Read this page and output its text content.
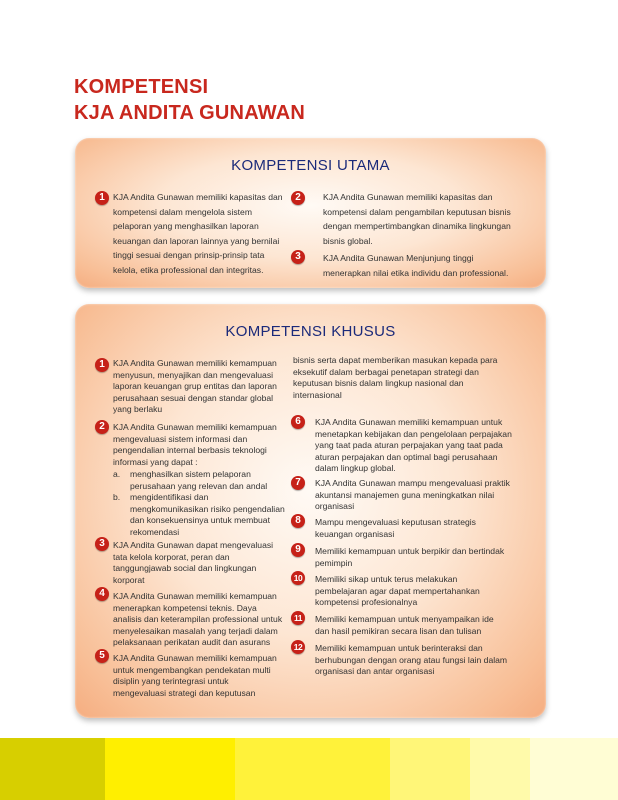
KOMPETENSI
KJA ANDITA GUNAWAN
KOMPETENSI UTAMA
1 KJA Andita Gunawan memiliki kapasitas dan
kompetensi dalam mengelola sistem
pelaporan yang menghasilkan laporan
keuangan dan laporan lainnya yang bernilai
tinggi sesuai dengan prinsip-prinsip tata
kelola, etika professional dan integritas.
2	KJA Andita Gunawan memiliki kapasitas dan
kompetensi dalam pengambilan keputusan bisnis
dengan mempertimbangkan dinamika lingkungan
bisnis global.
3	KJA Andita Gunawan Menjunjung tinggi
menerapkan nilai etika individu dan professional.
KOMPETENSI KHUSUS
1 KJA Andita Gunawan memiliki kemampuan
menyusun, menyajikan dan mengevaluasi
laporan keuangan grup entitas dan laporan
perusahaan sesuai dengan standar global
yang berlaku
2 KJA Andita Gunawan memiliki kemampuan
mengevaluasi sistem informasi dan
pengendalian internal berbasis teknologi
informasi yang dapat :
a. menghasilkan sistem pelaporan
perusahaan yang relevan dan andal
b. mengidentifikasi dan
mengkomunikasikan risiko pengendalian
dan konsekuensinya untuk membuat
rekomendasi
3 KJA Andita Gunawan dapat mengevaluasi
tata kelola korporat, peran dan
tanggungjawab social dan lingkungan
korporat
4 KJA Andita Gunawan memiliki kemampuan
menerapkan kompetensi teknis. Daya
analisis dan keterampilan professional untuk
menyelesaikan masalah yang terjadi dalam
pelaksanaan perikatan audit dan asurans
5 KJA Andita Gunawan memiliki kemampuan
untuk mengembangkan pendekatan multi
disiplin yang terintegrasi untuk
mengevaluasi strategi dan keputusan
bisnis serta dapat memberikan masukan kepada para
eksekutif dalam berbagai penetapan strategi dan
keputusan bisnis dalam lingkup nasional dan
internasional
6	KJA Andita Gunawan memiliki kemampuan untuk
menetapkan kebijakan dan pengelolaan perpajakan
yang taat pada aturan perpajakan yang taat pada
aturan perpajakan dan optimal bagi perusahaan
dalam lingkup global.
7	KJA Andita Gunawan mampu mengevaluasi praktik
akuntansi manajemen guna meningkatkan nilai
organisasi
8	Mampu mengevaluasi keputusan strategis
keuangan organisasi
9	Memiliki kemampuan untuk berpikir dan bertindak
pemimpin
10	Memiliki sikap untuk terus melakukan
pembelajaran agar dapat mempertahankan
kompetensi profesionalnya
11	Memiliki kemampuan untuk menyampaikan ide
dan hasil pemikiran secara lisan dan tulisan
12	Memiliki kemampuan untuk berinteraksi dan
berhubungan dengan orang atau fungsi lain dalam
organisasi dan antar organisasi
